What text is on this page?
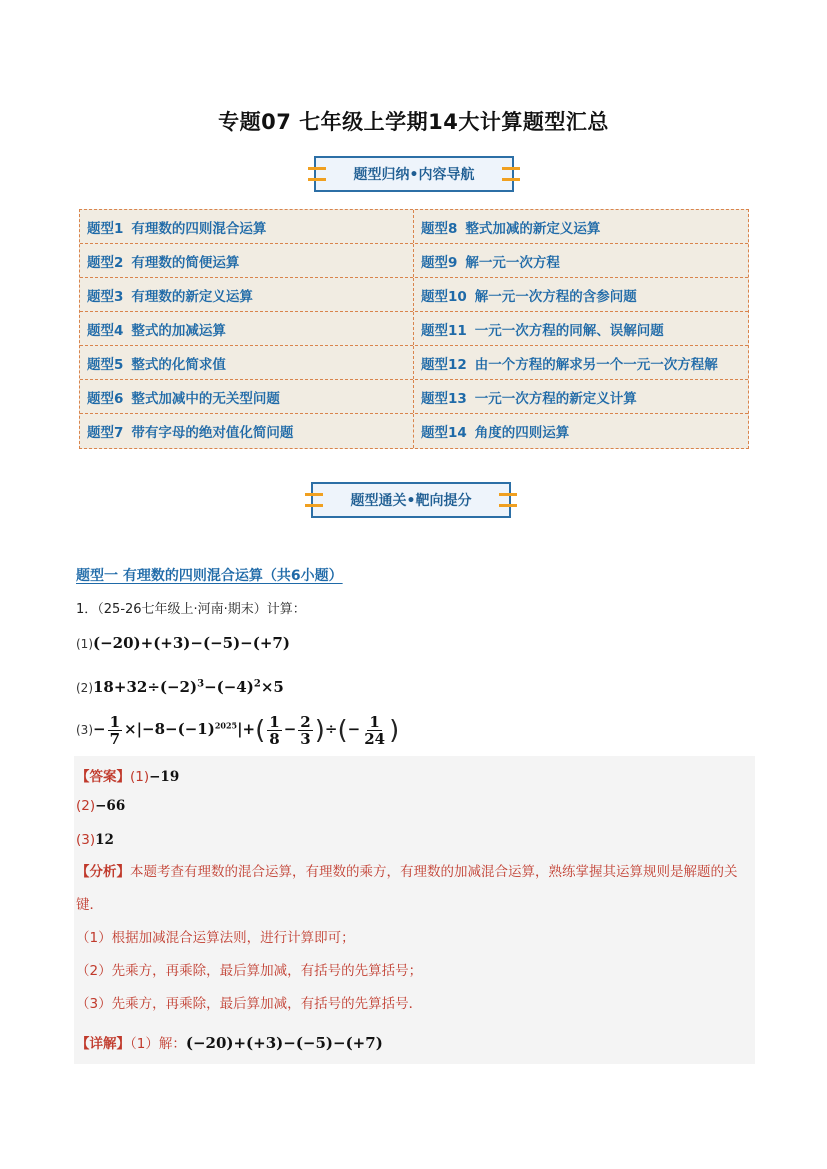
专题07 七年级上学期14大计算题型汇总
题型归纳•内容导航
题型1 有理数的四则混合运算	题型8 整式加减的新定义运算
题型2 有理数的简便运算	题型9 解一元一次方程
题型3 有理数的新定义运算	题型10 解一元一次方程的含参问题
题型4 整式的加减运算	题型11 一元一次方程的同解、误解问题
题型5 整式的化简求值	题型12 由一个方程的解求另一个一元一次方程解
题型6 整式加减中的无关型问题	题型13 一元一次方程的新定义计算
题型7 带有字母的绝对值化简问题	题型14 角度的四则运算
题型通关•靶向提分
题型一 有理数的四则混合运算（共6小题）
1．（25-26七年级上·河南·期末）计算：
(1)(−20)+(+3)−(−5)−(+7)
$(2)18+32\div(-2)^3-(-4)^2\times 5$
$(3)- \frac{1}{7} \times|-8-(-1)^{2025}|+( \frac{1}{8} - \frac{2}{3}$ )÷(− $\frac{1}{24}$ )
【答案】(1)−19
(2)−66
(3)12
【分析】本题考查有理数的混合运算，有理数的乘方，有理数的加减混合运算，熟练掌握其运算规则是解题的关键．
（1）根据加减混合运算法则，进行计算即可；
（2）先乘方，再乘除，最后算加减，有括号的先算括号；
（3）先乘方，再乘除，最后算加减，有括号的先算括号．
【详解】（1）解：(−20)+(+3)−(−5)−(+7)
